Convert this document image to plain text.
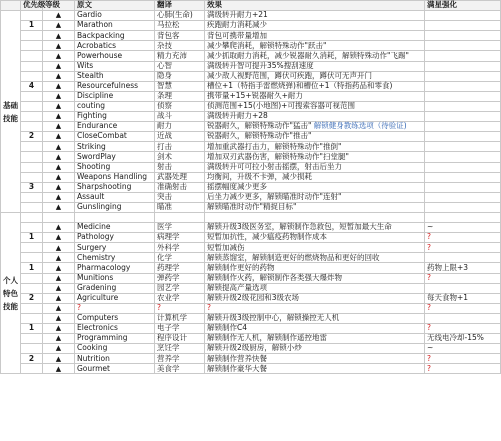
	优先级	等级	原文	翻译	效果	满星强化
基础技能		▲	Gardio	心肺(生命)	满级转升耐力+21	
	1	▲	Marathon	马拉松	疾跑耐力消耗减少	
		▲	Backpacking	背包客	背包可携带量增加	
		▲	Acrobatics	杂技	减少攀爬消耗，解锁特殊动作"跃击"	
		▲	Powerhouse	精力充沛	减少抓取耐力消耗，减少锐器耐久消耗，解锁特殊动作"飞踢"	
		▲	Wits	心智	满级转升智可提升35%搜刮速度	
		▲	Stealth	隐身	减少敌人视野范围，蹲伏可疾跑，蹲伏可无声开门	
	4	▲	Resourcefulness	智慧	槽位+1（特指手雷燃烧弹)和槽位+1（特指药品和零食)	
		▲	Discipline	条理	携带量+15+锐器耐久+耐力	
		▲	couting	侦察	侦测范围+15(小地图)+可搜索容器可视范围	
		▲	Fighting	战斗	满级转升耐力+28	
		▲	Endurance	耐力	锐器耐久，解锁特殊动作"猛击" 解锁健身教练选项（待验证)	
	2	▲	CloseCombat	近战	锐器耐久，解锁特殊动作"推击"	
		▲	Striking	打击	增加重武器打击力，解锁特殊动作"推倒"	
		▲	SwordPlay	剑术	增加双刃武器伤害，解锁特殊动作"扫堂腿"	
		▲	Shooting	射击	满级转升可可拉小射击摇摆，射击后坐力	
		▲	Weapons Handling	武器处理	均衡间，升级不卡弹，减少损耗	
	3	▲	Sharpshooting	准确射击	摇摆幅度减少更多	
		▲	Assault	突击	后坐力减少更多，解锁瞄准时动作"连射"	
		▲	Gunslinging	瞄准	解锁瞄准时动作"精捉目标"	
个人特色技能						
		▲	Medicine	医学	解锁升级3级医务室，解锁制作急救包，短暂加最大生命	~
	1	▲	Pathology	病理学	短暂加抗性，减少瘟疫药物制作成本	?
		▲	Surgery	外科学	短暂加减伤	?
		▲	Chemistry	化学	解锁蒸馏室，解锁制造更好的燃烧物品和更好的回收	
	1	▲	Pharmacology	药理学	解锁制作更好的药物	药物上限+3
		▲	Munitions	弹药学	解锁制作火药，解锁制作各类强大爆炸物	?
		▲	Gradening	园艺学	解锁提高产量选项	
	2	▲	Agriculture	农业学	解锁升级2级花园和3级农场	每天食物+1
		▲	?	?	?	?
		▲	Computers	计算机学	解锁升级3级控制中心，解锁操控无人机	
	1	▲	Electronics	电子学	解锁制作C4	?
		▲	Programming	程序设计	解锁制作无人机，解锁制作遥控地雷	无线电冷却-15%
		▲	Cooking	烹饪学	解锁升级2级厨房，解锁小炒	~
	2	▲	Nutrition	营养学	解锁制作营养快餐	?
		▲	Gourmet	美食学	解锁制作豪华大餐	?
